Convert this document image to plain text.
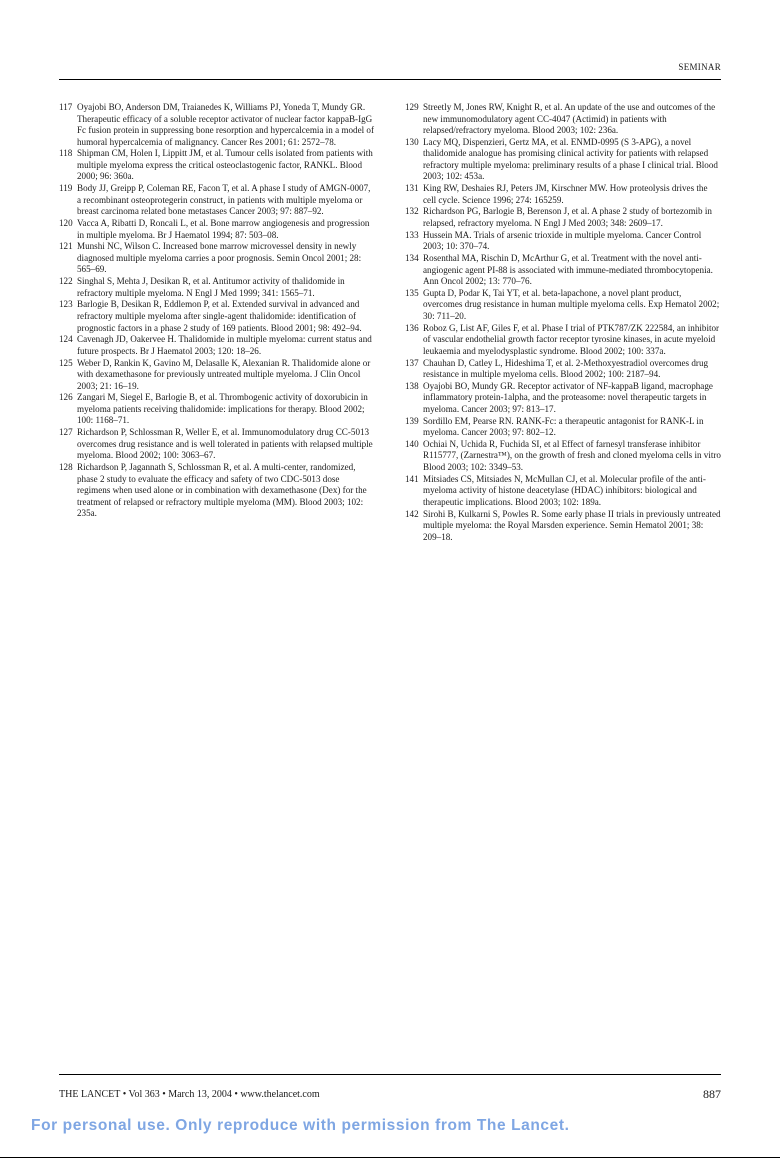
SEMINAR
117 Oyajobi BO, Anderson DM, Traianedes K, Williams PJ, Yoneda T, Mundy GR. Therapeutic efficacy of a soluble receptor activator of nuclear factor kappaB-IgG Fc fusion protein in suppressing bone resorption and hypercalcemia in a model of humoral hypercalcemia of malignancy. Cancer Res 2001; 61: 2572–78.
118 Shipman CM, Holen I, Lippitt JM, et al. Tumour cells isolated from patients with multiple myeloma express the critical osteoclastogenic factor, RANKL. Blood 2000; 96: 360a.
119 Body JJ, Greipp P, Coleman RE, Facon T, et al. A phase I study of AMGN-0007, a recombinant osteoprotegerin construct, in patients with multiple myeloma or breast carcinoma related bone metastases Cancer 2003; 97: 887–92.
120 Vacca A, Ribatti D, Roncali L, et al. Bone marrow angiogenesis and progression in multiple myeloma. Br J Haematol 1994; 87: 503–08.
121 Munshi NC, Wilson C. Increased bone marrow microvessel density in newly diagnosed multiple myeloma carries a poor prognosis. Semin Oncol 2001; 28: 565–69.
122 Singhal S, Mehta J, Desikan R, et al. Antitumor activity of thalidomide in refractory multiple myeloma. N Engl J Med 1999; 341: 1565–71.
123 Barlogie B, Desikan R, Eddlemon P, et al. Extended survival in advanced and refractory multiple myeloma after single-agent thalidomide: identification of prognostic factors in a phase 2 study of 169 patients. Blood 2001; 98: 492–94.
124 Cavenagh JD, Oakervee H. Thalidomide in multiple myeloma: current status and future prospects. Br J Haematol 2003; 120: 18–26.
125 Weber D, Rankin K, Gavino M, Delasalle K, Alexanian R. Thalidomide alone or with dexamethasone for previously untreated multiple myeloma. J Clin Oncol 2003; 21: 16–19.
126 Zangari M, Siegel E, Barlogie B, et al. Thrombogenic activity of doxorubicin in myeloma patients receiving thalidomide: implications for therapy. Blood 2002; 100: 1168–71.
127 Richardson P, Schlossman R, Weller E, et al. Immunomodulatory drug CC-5013 overcomes drug resistance and is well tolerated in patients with relapsed multiple myeloma. Blood 2002; 100: 3063–67.
128 Richardson P, Jagannath S, Schlossman R, et al. A multi-center, randomized, phase 2 study to evaluate the efficacy and safety of two CDC-5013 dose regimens when used alone or in combination with dexamethasone (Dex) for the treatment of relapsed or refractory multiple myeloma (MM). Blood 2003; 102: 235a.
129 Streetly M, Jones RW, Knight R, et al. An update of the use and outcomes of the new immunomodulatory agent CC-4047 (Actimid) in patients with relapsed/refractory myeloma. Blood 2003; 102: 236a.
130 Lacy MQ, Dispenzieri, Gertz MA, et al. ENMD-0995 (S 3-APG), a novel thalidomide analogue has promising clinical activity for patients with relapsed refractory multiple myeloma: preliminary results of a phase I clinical trial. Blood 2003; 102: 453a.
131 King RW, Deshaies RJ, Peters JM, Kirschner MW. How proteolysis drives the cell cycle. Science 1996; 274: 165259.
132 Richardson PG, Barlogie B, Berenson J, et al. A phase 2 study of bortezomib in relapsed, refractory myeloma. N Engl J Med 2003; 348: 2609–17.
133 Hussein MA. Trials of arsenic trioxide in multiple myeloma. Cancer Control 2003; 10: 370–74.
134 Rosenthal MA, Rischin D, McArthur G, et al. Treatment with the novel anti-angiogenic agent PI-88 is associated with immune-mediated thrombocytopenia. Ann Oncol 2002; 13: 770–76.
135 Gupta D, Podar K, Tai YT, et al. beta-lapachone, a novel plant product, overcomes drug resistance in human multiple myeloma cells. Exp Hematol 2002; 30: 711–20.
136 Roboz G, List AF, Giles F, et al. Phase I trial of PTK787/ZK 222584, an inhibitor of vascular endothelial growth factor receptor tyrosine kinases, in acute myeloid leukaemia and myelodysplastic syndrome. Blood 2002; 100: 337a.
137 Chauhan D, Catley L, Hideshima T, et al. 2-Methoxyestradiol overcomes drug resistance in multiple myeloma cells. Blood 2002; 100: 2187–94.
138 Oyajobi BO, Mundy GR. Receptor activator of NF-kappaB ligand, macrophage inflammatory protein-1alpha, and the proteasome: novel therapeutic targets in myeloma. Cancer 2003; 97: 813–17.
139 Sordillo EM, Pearse RN. RANK-Fc: a therapeutic antagonist for RANK-L in myeloma. Cancer 2003; 97: 802–12.
140 Ochiai N, Uchida R, Fuchida SI, et al Effect of farnesyl transferase inhibitor R115777, (Zarnestra™), on the growth of fresh and cloned myeloma cells in vitro Blood 2003; 102: 3349–53.
141 Mitsiades CS, Mitsiades N, McMullan CJ, et al. Molecular profile of the anti-myeloma activity of histone deacetylase (HDAC) inhibitors: biological and therapeutic implications. Blood 2003; 102: 189a.
142 Sirohi B, Kulkarni S, Powles R. Some early phase II trials in previously untreated multiple myeloma: the Royal Marsden experience. Semin Hematol 2001; 38: 209–18.
THE LANCET • Vol 363 • March 13, 2004 • www.thelancet.com	887
For personal use. Only reproduce with permission from The Lancet.
